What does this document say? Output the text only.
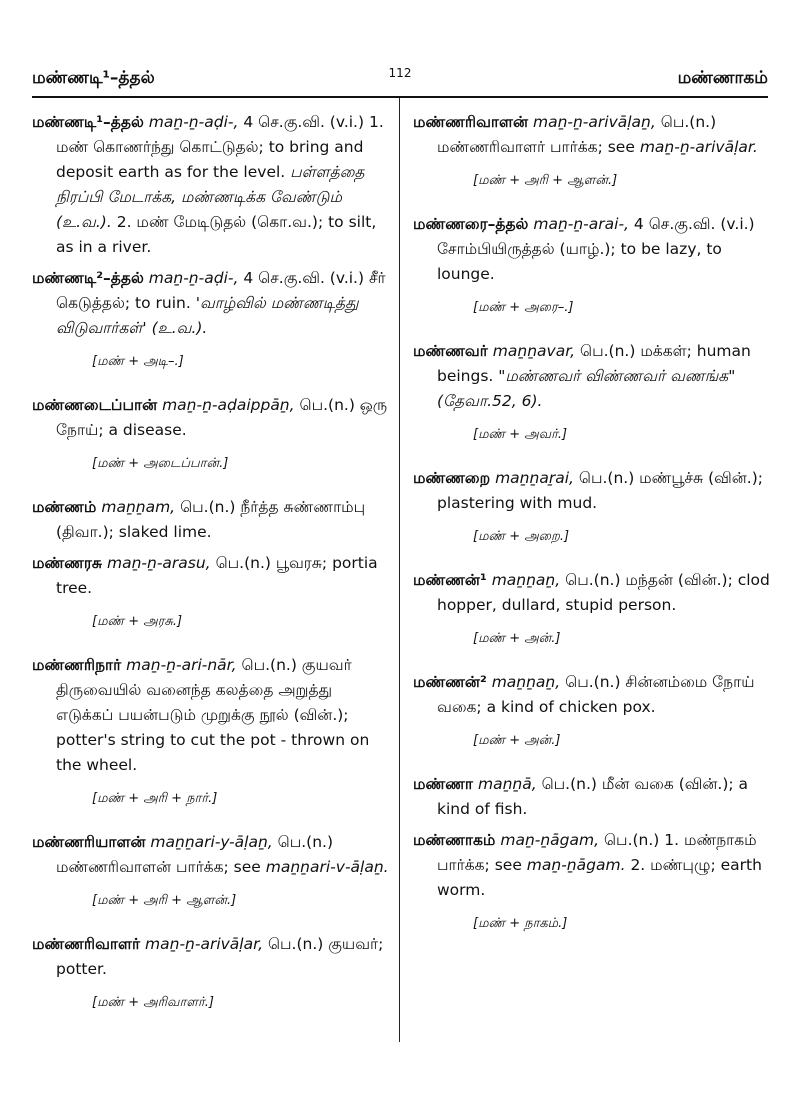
மண்ணடி¹–த்தல்	112	மண்ணாகம்
மண்ணடி¹–த்தல் maṉ-ṉ-aḍi-, 4 செ.கு.வி. (v.i.) 1. மண் கொணர்ந்து கொட்டுதல்; to bring and deposit earth as for the level. பள்ளத்தை நிரப்பி மேடாக்க, மண்ணடிக்க வேண்டும் (உ.வ.). 2. மண் மேடிடுதல் (கொ.வ.); to silt, as in a river.
மண்ணடி²–த்தல் maṉ-ṉ-aḍi-, 4 செ.கு.வி. (v.i.) சீர் கெடுத்தல்; to ruin. 'வாழ்வில் மண்ணடித்து விடுவார்கள்' (உ.வ.).
[மண் + அடி–.]
மண்ணடைப்பான் maṉ-ṉ-aḍaippāṉ, பெ.(n.) ஒரு நோய்; a disease.
[மண் + அடைப்பான்.]
மண்ணம் maṉṉam, பெ.(n.) நீர்த்த சுண்ணாம்பு (திவா.); slaked lime.
மண்ணரசு maṉ-ṉ-arasu, பெ.(n.) பூவரசு; portia tree.
[மண் + அரசு.]
மண்ணரிநார் maṉ-ṉ-ari-nār, பெ.(n.) குயவர் திருவையில் வனைந்த கலத்தை அறுத்து எடுக்கப் பயன்படும் முறுக்கு நூல் (வின்.); potter's string to cut the pot - thrown on the wheel.
[மண் + அரி + நார்.]
மண்ணரியாளன் maṉṉari-y-āḷaṉ, பெ.(n.) மண்ணரிவாளன் பார்க்க; see maṉṉari-v-āḷaṉ.
[மண் + அரி + ஆளன்.]
மண்ணரிவாளர் maṉ-ṉ-arivāḷar, பெ.(n.) குயவர்; potter.
[மண் + அரிவாளர்.]
மண்ணரிவாளன் maṉ-ṉ-arivāḷaṉ, பெ.(n.) மண்ணரிவாளர் பார்க்க; see maṉ-ṉ-arivāḷar.
[மண் + அரி + ஆளன்.]
மண்ணரை–த்தல் maṉ-ṉ-arai-, 4 செ.கு.வி. (v.i.) சோம்பியிருத்தல் (யாழ்.); to be lazy, to lounge.
[மண் + அரை–.]
மண்ணவர் maṉṉavar, பெ.(n.) மக்கள்; human beings. "மண்ணவர் விண்ணவர் வணங்க" (தேவா.52, 6).
[மண் + அவர்.]
மண்ணறை maṉṉaṟai, பெ.(n.) மண்பூச்சு (வின்.); plastering with mud.
[மண் + அறை.]
மண்ணன்¹ maṉṉaṉ, பெ.(n.) மந்தன் (வின்.); clod hopper, dullard, stupid person.
[மண் + அன்.]
மண்ணன்² maṉṉaṉ, பெ.(n.) சின்னம்மை நோய் வகை; a kind of chicken pox.
[மண் + அன்.]
மண்ணா maṉṉā, பெ.(n.) மீன் வகை (வின்.); a kind of fish.
மண்ணாகம் maṉ-ṉāgam, பெ.(n.) 1. மண்நாகம் பார்க்க; see maṉ-ṉāgam. 2. மண்புழு; earth worm.
[மண் + நாகம்.]
